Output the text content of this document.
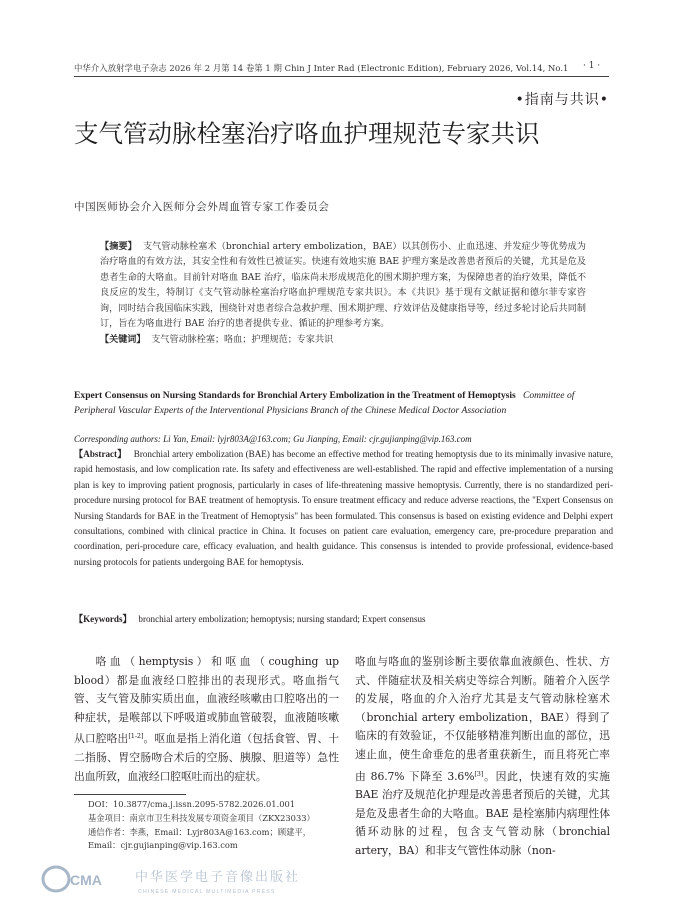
中华介入放射学电子杂志 2026 年 2 月第 14 卷第 1 期 Chin J Inter Rad (Electronic Edition), February 2026, Vol.14, No.1 · 1 ·
•指南与共识•
支气管动脉栓塞治疗咯血护理规范专家共识
中国医师协会介入医师分会外周血管专家工作委员会
【摘要】 支气管动脉栓塞术（bronchial artery embolization，BAE）以其创伤小、止血迅速、并发症少等优势成为治疗咯血的有效方法，其安全性和有效性已被证实。快速有效地实施 BAE 护理方案是改善患者预后的关键，尤其是危及患者生命的大咯血。目前针对咯血 BAE 治疗，临床尚未形成规范化的围术期护理方案，为保障患者的治疗效果，降低不良反应的发生，特制订《支气管动脉栓塞治疗咯血护理规范专家共识》。本《共识》基于现有文献证据和德尔菲专家咨询，同时结合我国临床实践，围绕针对患者综合急救护理、围术期护理、疗效评估及健康指导等，经过多轮讨论后共同制订，旨在为咯血进行 BAE 治疗的患者提供专业、循证的护理参考方案。
【关键词】 支气管动脉栓塞；咯血；护理规范；专家共识
Expert Consensus on Nursing Standards for Bronchial Artery Embolization in the Treatment of Hemoptysis Committee of Peripheral Vascular Experts of the Interventional Physicians Branch of the Chinese Medical Doctor Association
Corresponding authors: Li Yan, Email: lyjr803A@163.com; Gu Jianping, Email: cjr.gujianping@vip.163.com
【Abstract】 Bronchial artery embolization (BAE) has become an effective method for treating hemoptysis due to its minimally invasive nature, rapid hemostasis, and low complication rate. Its safety and effectiveness are well-established. The rapid and effective implementation of a nursing plan is key to improving patient prognosis, particularly in cases of life-threatening massive hemoptysis. Currently, there is no standardized peri-procedure nursing protocol for BAE treatment of hemoptysis. To ensure treatment efficacy and reduce adverse reactions, the "Expert Consensus on Nursing Standards for BAE in the Treatment of Hemoptysis" has been formulated. This consensus is based on existing evidence and Delphi expert consultations, combined with clinical practice in China. It focuses on patient care evaluation, emergency care, pre-procedure preparation and coordination, peri-procedure care, efficacy evaluation, and health guidance. This consensus is intended to provide professional, evidence-based nursing protocols for patients undergoing BAE for hemoptysis.
【Keywords】 bronchial artery embolization; hemoptysis; nursing standard; Expert consensus
咯血（hemptysis）和呕血（coughing up blood）都是血液经口腔排出的表现形式。咯血指气管、支气管及肺实质出血，血液经咳嗽由口腔咯出的一种症状，是喉部以下呼吸道或肺血管破裂，血液随咳嗽从口腔咯出[1-2]。呕血是指上消化道（包括食管、胃、十二指肠、胃空肠吻合术后的空肠、胰腺、胆道等）急性出血所致，血液经口腔呕吐而出的症状。
咯血与咯血的鉴别诊断主要依靠血液颜色、性状、方式、伴随症状及相关病史等综合判断。随着介入医学的发展，咯血的介入治疗尤其是支气管动脉栓塞术（bronchial artery embolization，BAE）得到了临床的有效验证，不仅能够精准判断出血的部位，迅速止血，使生命垂危的患者重获新生，而且将死亡率由 86.7% 下降至 3.6%[3]。因此，快速有效的实施 BAE 治疗及规范化护理是改善患者预后的关键，尤其是危及患者生命的大咯血。BAE 是栓塞肺内病理性体循环动脉的过程，包含支气管动脉（bronchial artery，BA）和非支气管性体动脉（non-
DOI：10.3877/cma.j.issn.2095-5782.2026.01.001
基金项目：南京市卫生科技发展专项资金项目（ZKX23033）
通信作者：李燕，Email：Lyjr803A@163.com；顾建平，Email：cjr.gujianping@vip.163.com
CMA	中华医学电子音像出版社
CHINESE MEDICAL MULTIMEDIA PRESS
